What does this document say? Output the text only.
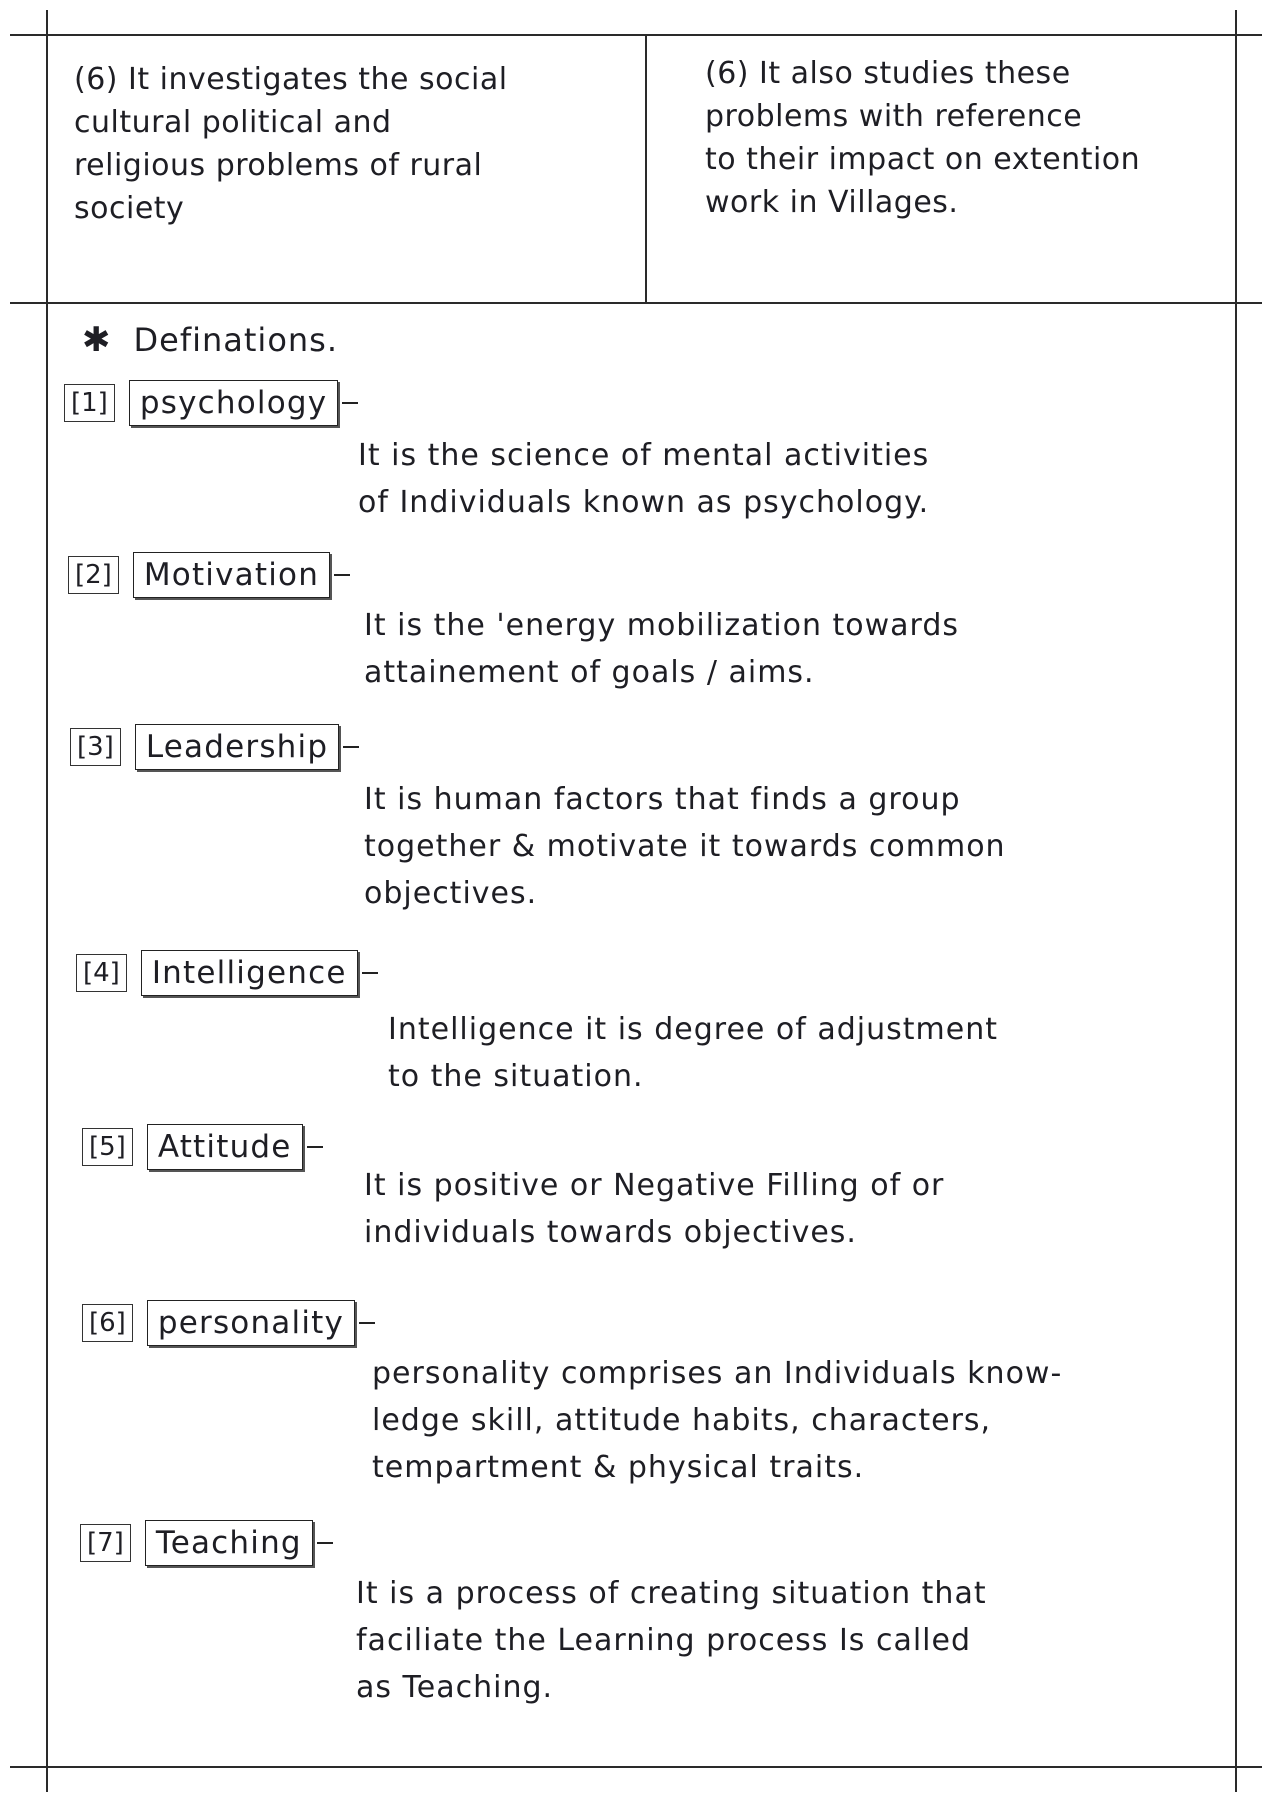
(6) It investigates the social
cultural political and
religious problems of rural
society

(6) It also studies these
problems with reference
to their impact on extention
work in Villages.

✱ Definations.

[1]	psychology

It is the science of mental activities
of Individuals known as psychology.

[2]	Motivation

It is the 'energy mobilization towards
attainement of goals / aims.

[3]	Leadership

It is human factors that finds a group
together & motivate it towards common
objectives.

[4]	Intelligence

Intelligence it is degree of adjustment
to the situation.

[5]	Attitude

It is positive or Negative Filling of or
individuals towards objectives.

[6]	personality

personality comprises an Individuals know-
ledge skill, attitude habits, characters,
tempartment & physical traits.

[7]	Teaching

It is a process of creating situation that
faciliate the Learning process Is called
as Teaching.
